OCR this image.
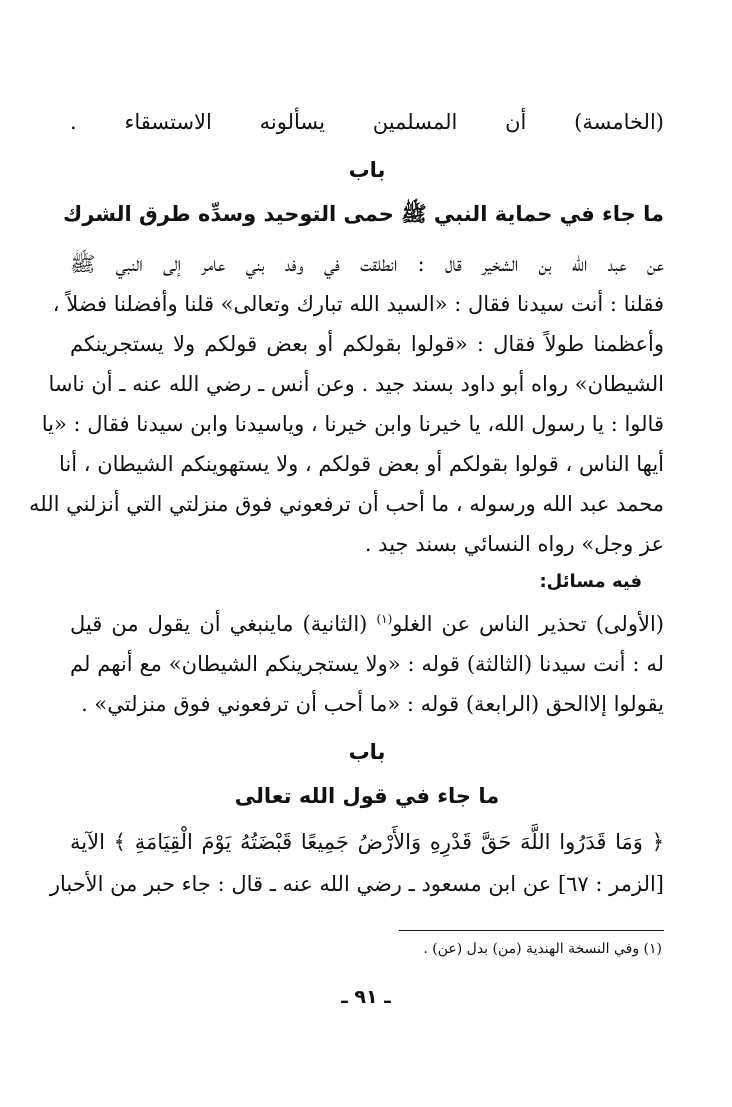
(الخامسة) أن المسلمين يسألونه الاستسقاء .
باب
ما جاء في حماية النبي ﷺ حمى التوحيد وسدِّه طرق الشرك
عن عبد الله بن الشخير قال : انطلقت في وفد بني عامر إلى النبي ﷺ
فقلنا : أنت سيدنا فقال : «السيد الله تبارك وتعالى» قلنا وأفضلنا فضلاً ،
وأعظمنا طولاً فقال : «قولوا بقولكم أو بعض قولكم ولا يستجرينكم
الشيطان» رواه أبو داود بسند جيد . وعن أنس ـ رضي الله عنه ـ أن ناسا
قالوا : يا رسول الله، يا خيرنا وابن خيرنا ، وياسيدنا وابن سيدنا فقال : «يا
أيها الناس ، قولوا بقولكم أو بعض قولكم ، ولا يستهوينكم الشيطان ، أنا
محمد عبد الله ورسوله ، ما أحب أن ترفعوني فوق منزلتي التي أنزلني الله
عز وجل» رواه النسائي بسند جيد .
فيه مسائل:
(الأولى) تحذير الناس عن الغلو$^{(١)}$ (الثانية) ماينبغي أن يقول من قيل
له : أنت سيدنا (الثالثة) قوله : «ولا يستجرينكم الشيطان» مع أنهم لم
يقولوا إلاالحق (الرابعة) قوله : «ما أحب أن ترفعوني فوق منزلتي» .
باب
ما جاء في قول الله تعالى
﴿ وَمَا قَدَرُوا اللَّهَ حَقَّ قَدْرِهِ وَالأَرْضُ جَمِيعًا قَبْضَتُهُ يَوْمَ الْقِيَامَةِ ﴾ الآية
[الزمر : ٦٧] عن ابن مسعود ـ رضي الله عنه ـ قال : جاء حبر من الأحبار
(١) وفي النسخة الهندية (من) بدل (عن) .
ـ ٩١ ـ
